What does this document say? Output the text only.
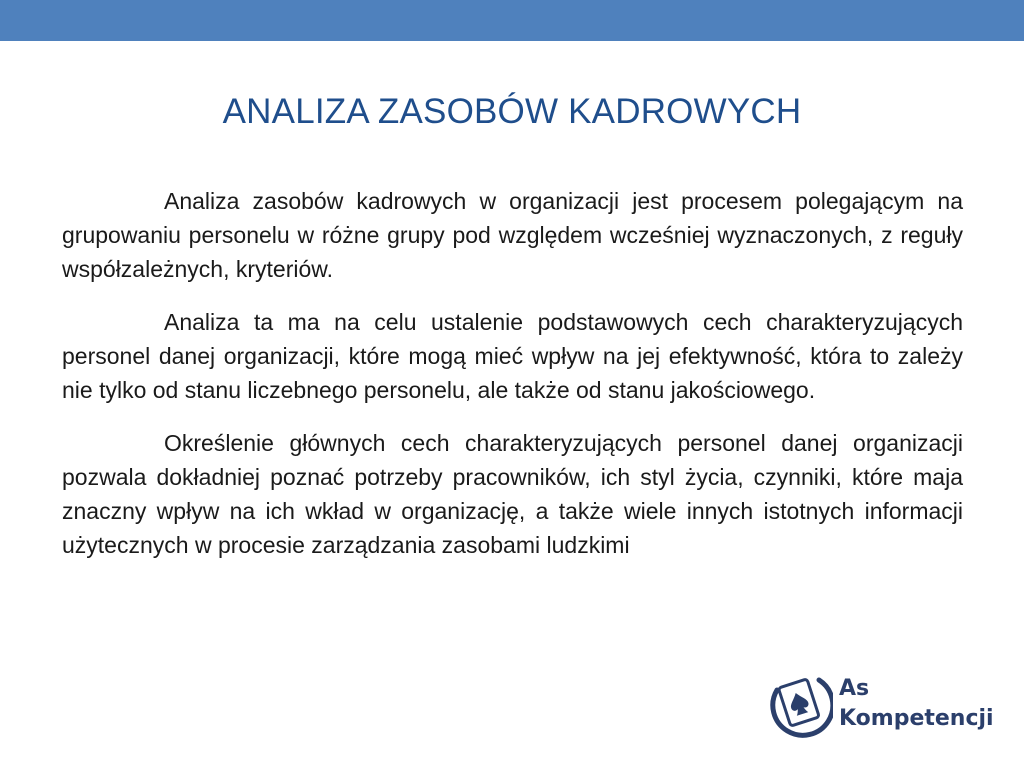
ANALIZA ZASOBÓW KADROWYCH

Analiza zasobów kadrowych w organizacji jest procesem polegającym na grupowaniu personelu w różne grupy pod względem wcześniej wyznaczonych, z reguły współzależnych, kryteriów.

Analiza ta ma na celu ustalenie podstawowych cech charakteryzujących personel danej organizacji, które mogą mieć wpływ na jej efektywność, która to zależy nie tylko od stanu liczebnego personelu, ale także od stanu jakościowego.

Określenie głównych cech charakteryzujących personel danej organizacji pozwala dokładniej poznać potrzeby pracowników, ich styl życia, czynniki, które maja znaczny wpływ na ich wkład w organizację, a także wiele innych istotnych informacji użytecznych w procesie zarządzania zasobami ludzkimi

As
Kompetencji
